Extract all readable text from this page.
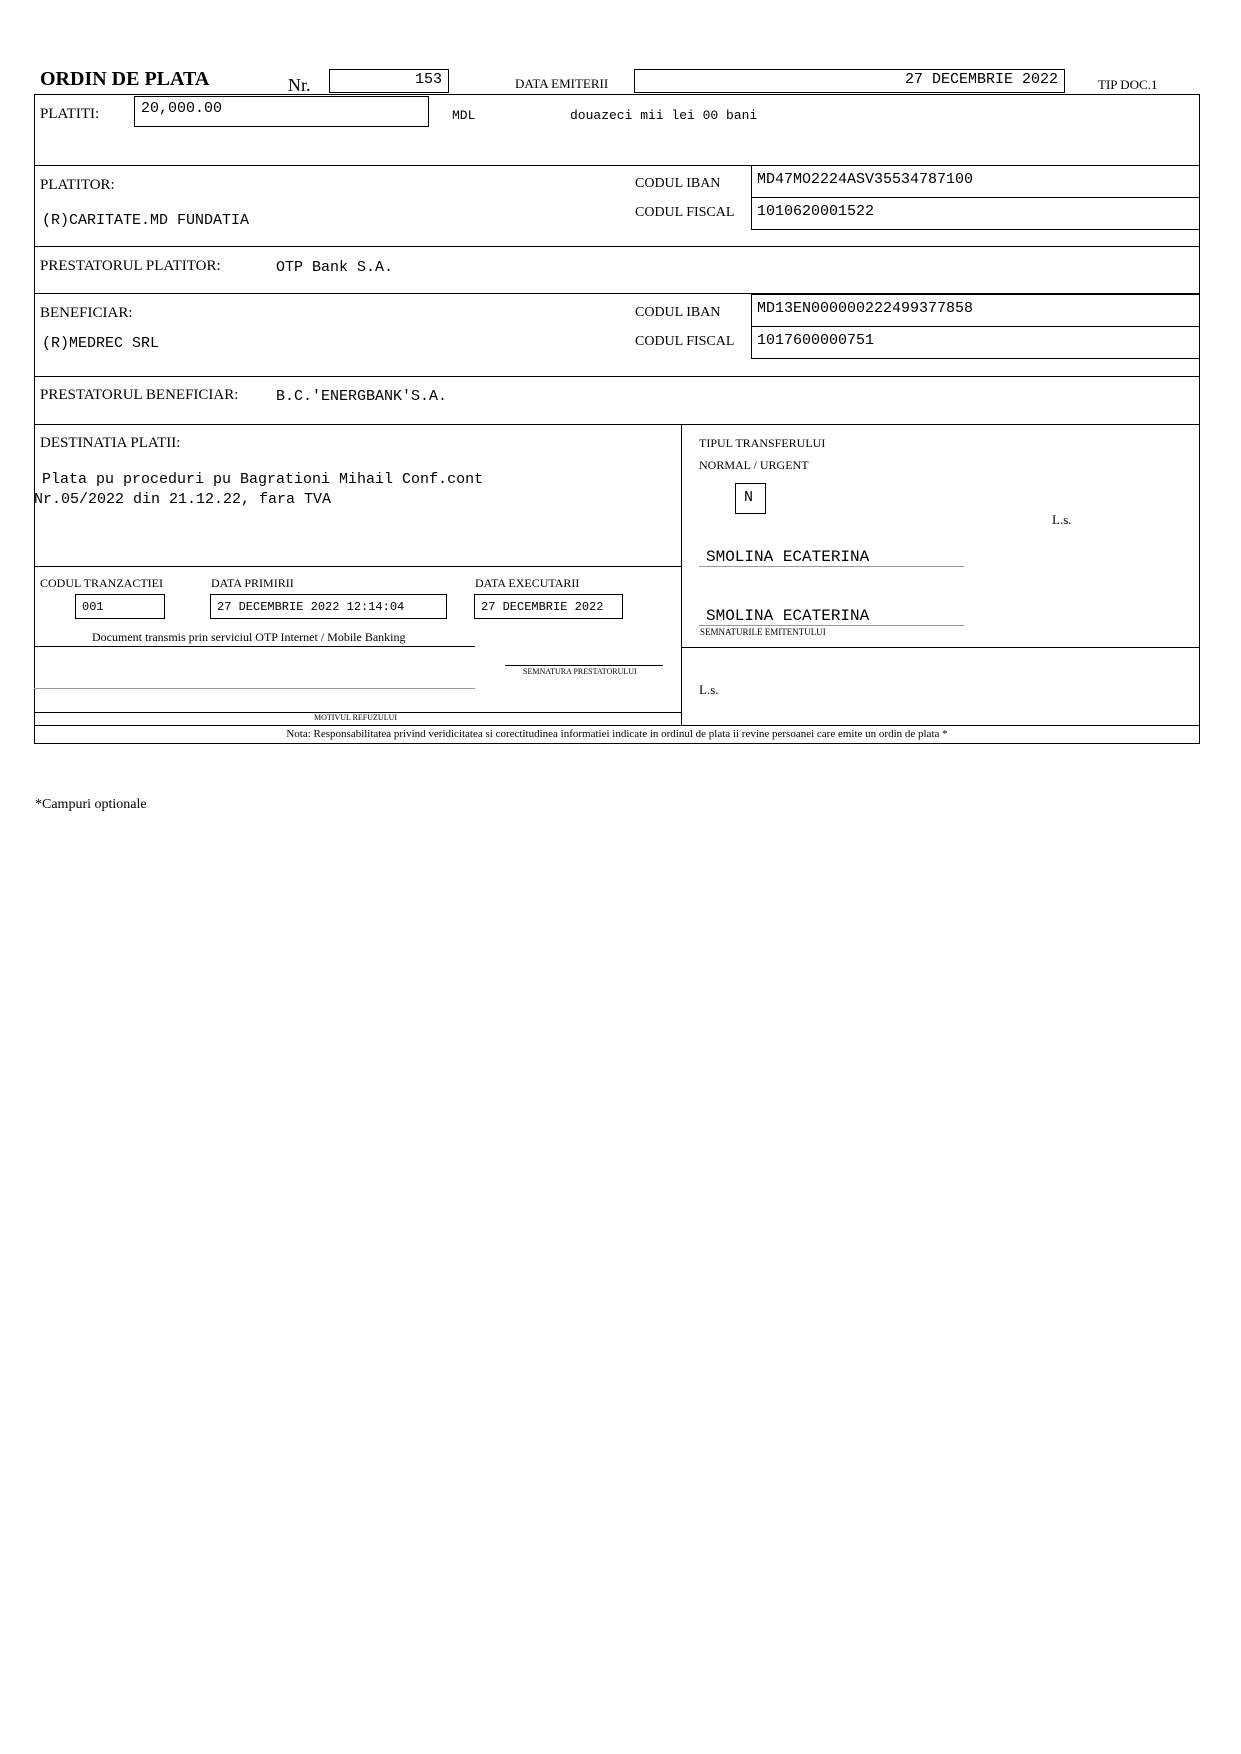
ORDIN DE PLATA	Nr.	153	DATA EMITERII	27 DECEMBRIE 2022	TIP DOC.1
PLATITI:	20,000.00	MDL	douazeci mii lei 00 bani
PLATITOR:
(R)CARITATE.MD FUNDATIA
CODUL IBAN MD47MO2224ASV35534787100
CODUL FISCAL 1010620001522
PRESTATORUL PLATITOR:	OTP Bank S.A.
BENEFICIAR:
(R)MEDREC SRL
CODUL IBAN MD13EN000000222499377858
CODUL FISCAL 1017600000751
PRESTATORUL BENEFICIAR:	B.C.'ENERGBANK'S.A.
DESTINATIA PLATII:
Plata pu proceduri pu Bagrationi Mihail Conf.cont
Nr.05/2022 din 21.12.22, fara TVA
TIPUL TRANSFERULUI
NORMAL / URGENT
N
L.s.
SMOLINA ECATERINA
SMOLINA ECATERINA
SEMNATURILE EMITENTULUI
L.s.
CODUL TRANZACTIEI
001
DATA PRIMIRII
27 DECEMBRIE 2022 12:14:04
DATA EXECUTARII
27 DECEMBRIE 2022
Document transmis prin serviciul OTP Internet / Mobile Banking
SEMNATURA PRESTATORULUI
MOTIVUL REFUZULUI
Nota: Responsabilitatea privind veridicitatea si corectitudinea informatiei indicate in ordinul de plata ii revine persoanei care emite un ordin de plata *
*Campuri optionale
